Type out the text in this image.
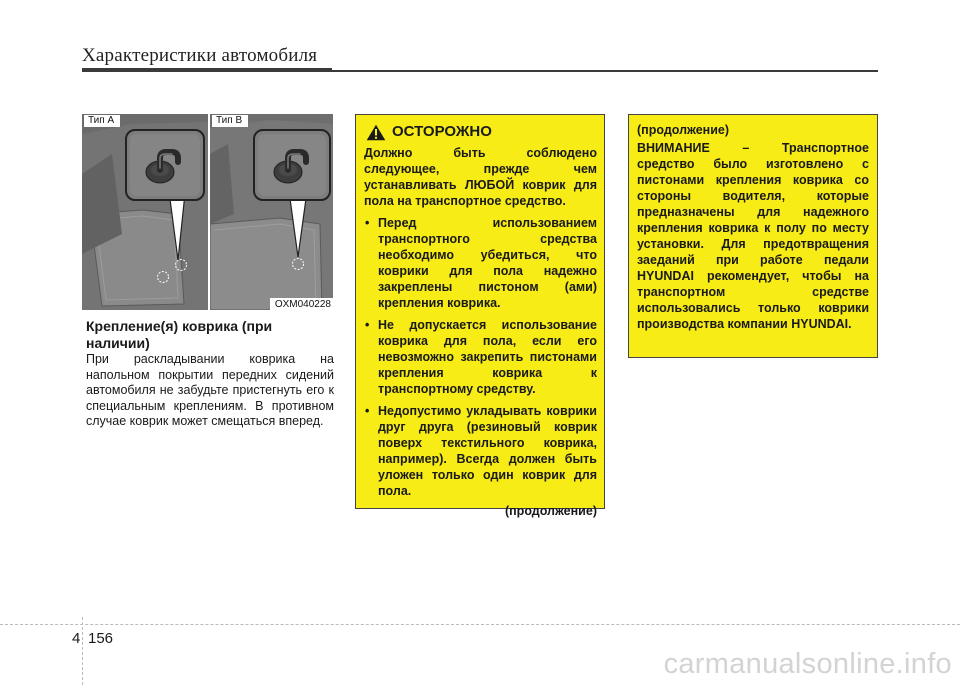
Характеристики автомобиля
Тип A	Тип B
OXM040228
Крепление(я) коврика (при наличии)
При раскладывании коврика на напольном покрытии передних сидений автомобиля не забудьте пристегнуть его к специальным креплениям. В противном случае коврик может смещаться вперед.
ОСТОРОЖНО
Должно быть соблюдено следующее, прежде чем устанавливать ЛЮБОЙ коврик для пола на транспортное средство.
• Перед использованием транспортного средства необходимо убедиться, что коврики для пола надежно закреплены пистоном (ами) крепления коврика.
• Не допускается использование коврика для пола, если его невозможно закрепить пистонами крепления коврика к транспортному средству.
• Недопустимо укладывать коврики друг друга (резиновый коврик поверх текстильного коврика, например). Всегда должен быть уложен только один коврик для пола.
(продолжение)
(продолжение)
ВНИМАНИЕ – Транспортное средство было изготовлено с пистонами крепления коврика со стороны водителя, которые предназначены для надежного крепления коврика к полу по месту установки. Для предотвращения заеданий при работе педали HYUNDAI рекомендует, чтобы на транспортном средстве использовались только коврики производства компании HYUNDAI.
4 156
carmanualsonline.info
